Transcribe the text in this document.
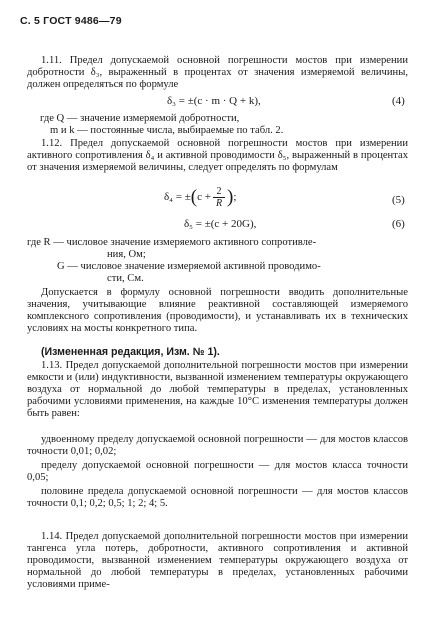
С. 5 ГОСТ 9486—79

1.11. Предел допускаемой основной погрешности мостов при измерении добротности δ₃, выраженный в процентах от значения измеряемой величины, должен определяться по формуле

δ₃ = ±(c · m · Q + k),	(4)
где Q — значение измеряемой добротности,
m и k — постоянные числа, выбираемые по табл. 2.

1.12. Предел допускаемой основной погрешности мостов при измерении активного сопротивления δ₄ и активной проводимости δ₅, выраженный в процентах от значения измеряемой величины, следует определять по формулам

$\delta_4 = \pm(c + \frac{2}{R}$ );	(5)
δ₅ = ±(c + 20G),	(6)
где R — числовое значение измеряемого активного сопротивле-
ния, Ом;
G — числовое значение измеряемой активной проводимо-
сти, См.

Допускается в формулу основной погрешности вводить дополнительные значения, учитывающие влияние реактивной составляющей измеряемого комплексного сопротивления (проводимости), и устанавливать их в технических условиях на мосты конкретного типа.

(Измененная редакция, Изм. № 1).

1.13. Предел допускаемой дополнительной погрешности мостов при измерении емкости и (или) индуктивности, вызванной изменением температуры окружающего воздуха от нормальной до любой температуры в пределах, установленных рабочими условиями применения, на каждые 10°С изменения температуры должен быть равен:

удвоенному пределу допускаемой основной погрешности — для мостов классов точности 0,01; 0,02;

пределу допускаемой основной погрешности — для мостов класса точности 0,05;

половине предела допускаемой основной погрешности — для мостов классов точности 0,1; 0,2; 0,5; 1; 2; 4; 5.

1.14. Предел допускаемой дополнительной погрешности мостов при измерении тангенса угла потерь, добротности, активного сопротивления и активной проводимости, вызванной изменением температуры окружающего воздуха от нормальной до любой температуры в пределах, установленных рабочими условиями приме-
